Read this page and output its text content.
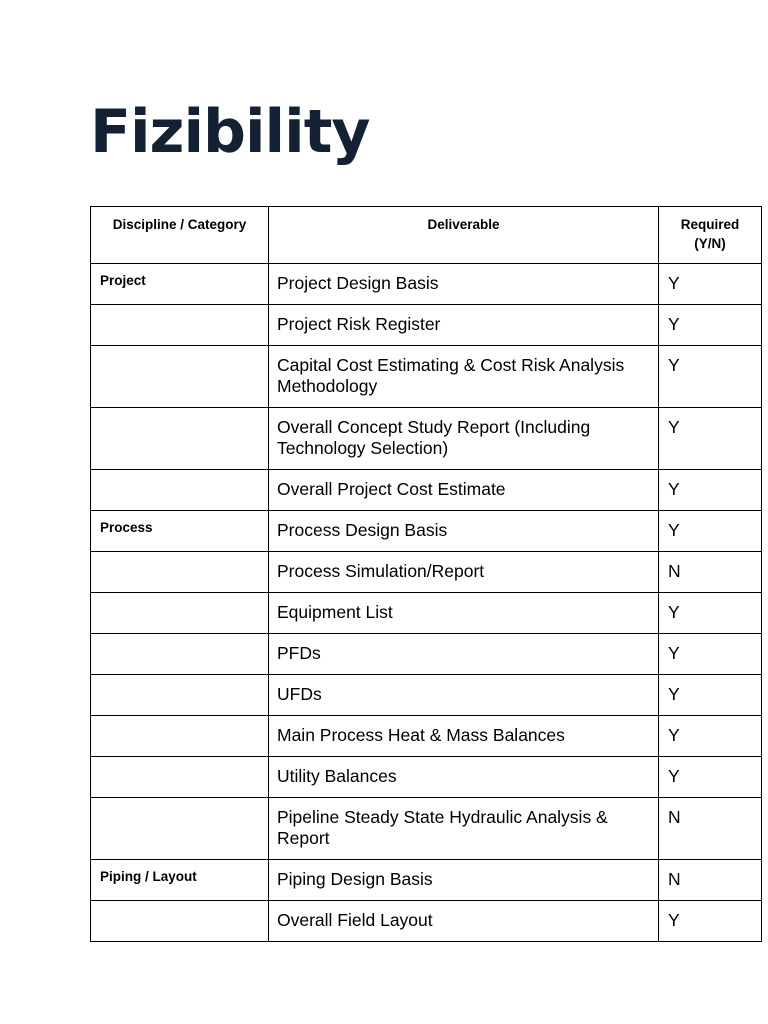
Fizibility
Discipline / Category	Deliverable	Required (Y/N)
Project	Project Design Basis	Y
	Project Risk Register	Y
	Capital Cost Estimating & Cost Risk Analysis Methodology	Y
	Overall Concept Study Report (Including Technology Selection)	Y
	Overall Project Cost Estimate	Y
Process	Process Design Basis	Y
	Process Simulation/Report	N
	Equipment List	Y
	PFDs	Y
	UFDs	Y
	Main Process Heat & Mass Balances	Y
	Utility Balances	Y
	Pipeline Steady State Hydraulic Analysis & Report	N
Piping / Layout	Piping Design Basis	N
	Overall Field Layout	Y
